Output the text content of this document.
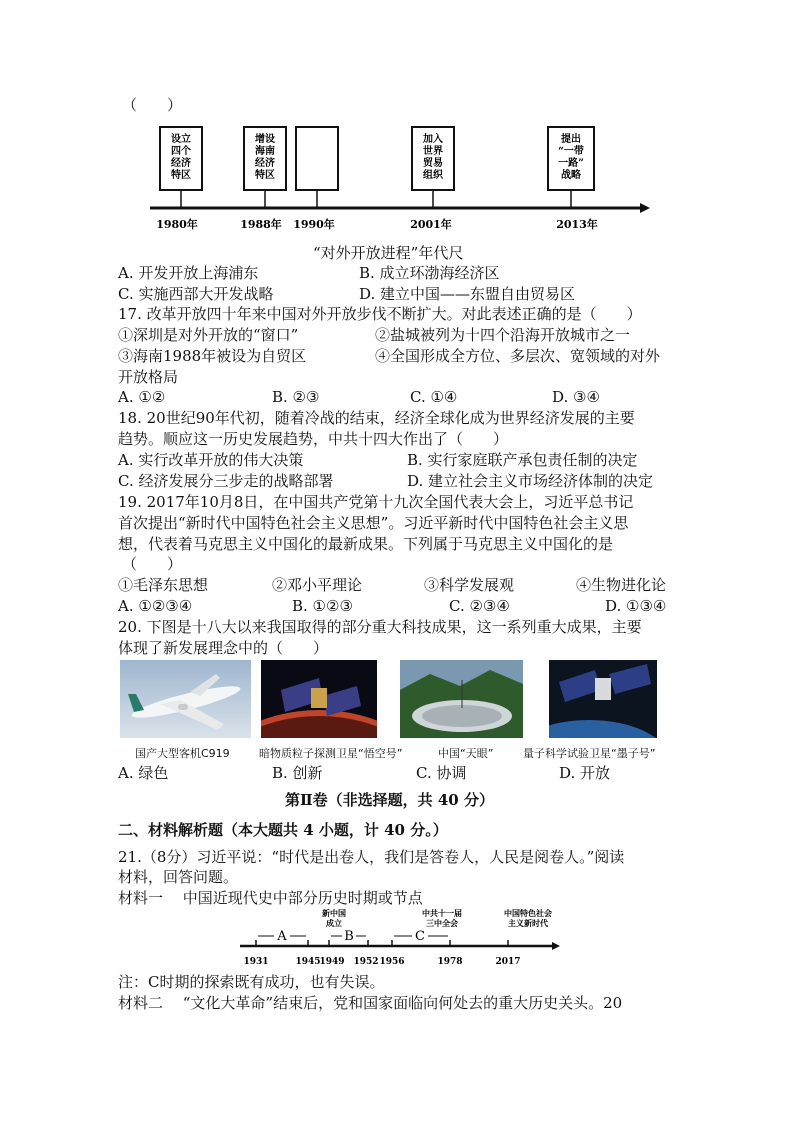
（　　）
设立
四个
经济
特区
增设
海南
经济
特区
加入
世界
贸易
组织
提出
“一带
一路”
战略
1980年	1988年 1990年	2001年	2013年
“对外开放进程”年代尺
A. 开发开放上海浦东	B. 成立环渤海经济区
C. 实施西部大开发战略	D. 建立中国——东盟自由贸易区
17. 改革开放四十年来中国对外开放步伐不断扩大。对此表述正确的是（　　）
①深圳是对外开放的“窗口”	②盐城被列为十四个沿海开放城市之一
③海南1988年被设为自贸区	④全国形成全方位、多层次、宽领域的对外
开放格局
A. ①②	B. ②③	C. ①④	D. ③④
18. 20世纪90年代初，随着冷战的结束，经济全球化成为世界经济发展的主要
趋势。顺应这一历史发展趋势，中共十四大作出了（　　）
A. 实行改革开放的伟大决策	B. 实行家庭联产承包责任制的决定
C. 经济发展分三步走的战略部署	D. 建立社会主义市场经济体制的决定
19. 2017年10月8日，在中国共产党第十九次全国代表大会上，习近平总书记
首次提出“新时代中国特色社会主义思想”。习近平新时代中国特色社会主义思
想，代表着马克思主义中国化的最新成果。下列属于马克思主义中国化的是
（　　）
①毛泽东思想	②邓小平理论	③科学发展观	④生物进化论
A. ①②③④	B. ①②③	C. ②③④	D. ①③④
20. 下图是十八大以来我国取得的部分重大科技成果，这一系列重大成果，主要
体现了新发展理念中的（　　）
国产大型客机C919	暗物质粒子探测卫星“悟空号”	中国“天眼”	量子科学试验卫星“墨子号”
A. 绿色	B. 创新	C. 协调	D. 开放
第Ⅱ卷（非选择题，共 40 分）
二、材料解析题（本大题共 4 小题，计 40 分。）
21.（8分）习近平说：“时代是出卷人，我们是答卷人，人民是阅卷人。”阅读
材料，回答问题。
材料一　 中国近现代史中部分历史时期或节点
A	B	C
新中国
成立
中共十一届
三中全会
中国特色社会
主义新时代
1931	1945
1949 1952 1956	1978	2017
注：C时期的探索既有成功，也有失误。
材料二　 “文化大革命”结束后，党和国家面临向何处去的重大历史关头。20
